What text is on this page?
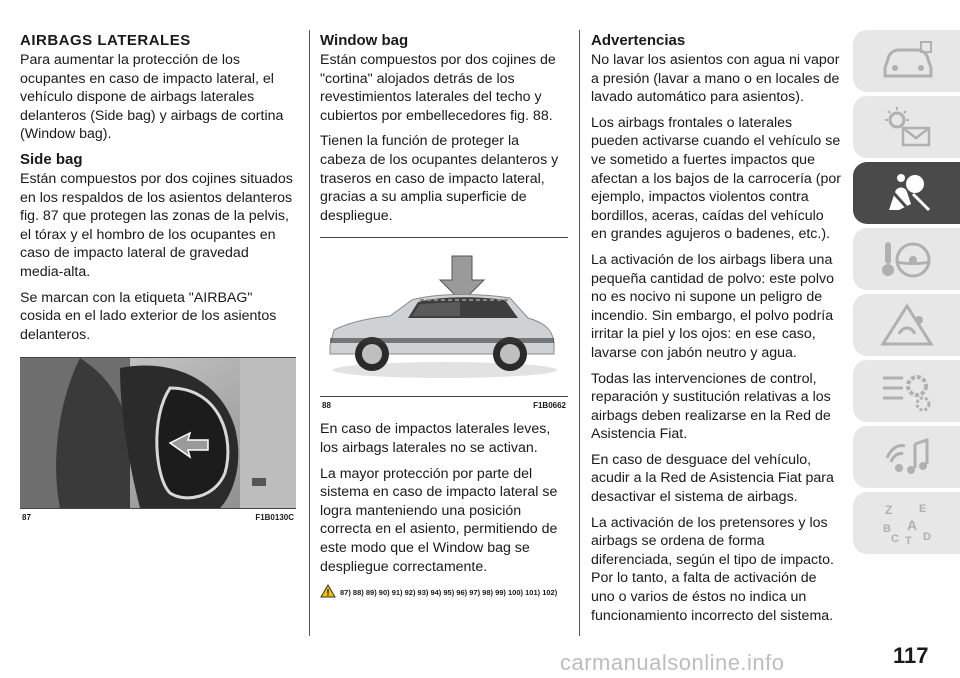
AIRBAGS LATERALES

Para aumentar la protección de los ocupantes en caso de impacto lateral, el vehículo dispone de airbags laterales delanteros (Side bag) y airbags de cortina (Window bag).

Side bag

Están compuestos por dos cojines situados en los respaldos de los asientos delanteros fig. 87 que protegen las zonas de la pelvis, el tórax y el hombro de los ocupantes en caso de impacto lateral de gravedad media-alta.

Se marcan con la etiqueta "AIRBAG" cosida en el lado exterior de los asientos delanteros.

87	F1B0130C
Window bag

Están compuestos por dos cojines de "cortina" alojados detrás de los revestimientos laterales del techo y cubiertos por embellecedores fig. 88.

Tienen la función de proteger la cabeza de los ocupantes delanteros y traseros en caso de impacto lateral, gracias a su amplia superficie de despliegue.

88	F1B0662

En caso de impactos laterales leves, los airbags laterales no se activan.

La mayor protección por parte del sistema en caso de impacto lateral se logra manteniendo una posición correcta en el asiento, permitiendo de este modo que el Window bag se despliegue correctamente.

87) 88) 89) 90) 91) 92) 93) 94) 95) 96) 97) 98) 99) 100) 101) 102)
Advertencias

No lavar los asientos con agua ni vapor a presión (lavar a mano o en locales de lavado automático para asientos).

Los airbags frontales o laterales pueden activarse cuando el vehículo se ve sometido a fuertes impactos que afectan a los bajos de la carrocería (por ejemplo, impactos violentos contra bordillos, aceras, caídas del vehículo en grandes agujeros o badenes, etc.).

La activación de los airbags libera una pequeña cantidad de polvo: este polvo no es nocivo ni supone un peligro de incendio. Sin embargo, el polvo podría irritar la piel y los ojos: en ese caso, lavarse con jabón neutro y agua.

Todas las intervenciones de control, reparación y sustitución relativas a los airbags deben realizarse en la Red de Asistencia Fiat.

En caso de desguace del vehículo, acudir a la Red de Asistencia Fiat para desactivar el sistema de airbags.

La activación de los pretensores y los airbags se ordena de forma diferenciada, según el tipo de impacto. Por lo tanto, a falta de activación de uno o varios de éstos no indica un funcionamiento incorrecto del sistema.

Z E
A
B
C T D
117
carmanualsonline.info
